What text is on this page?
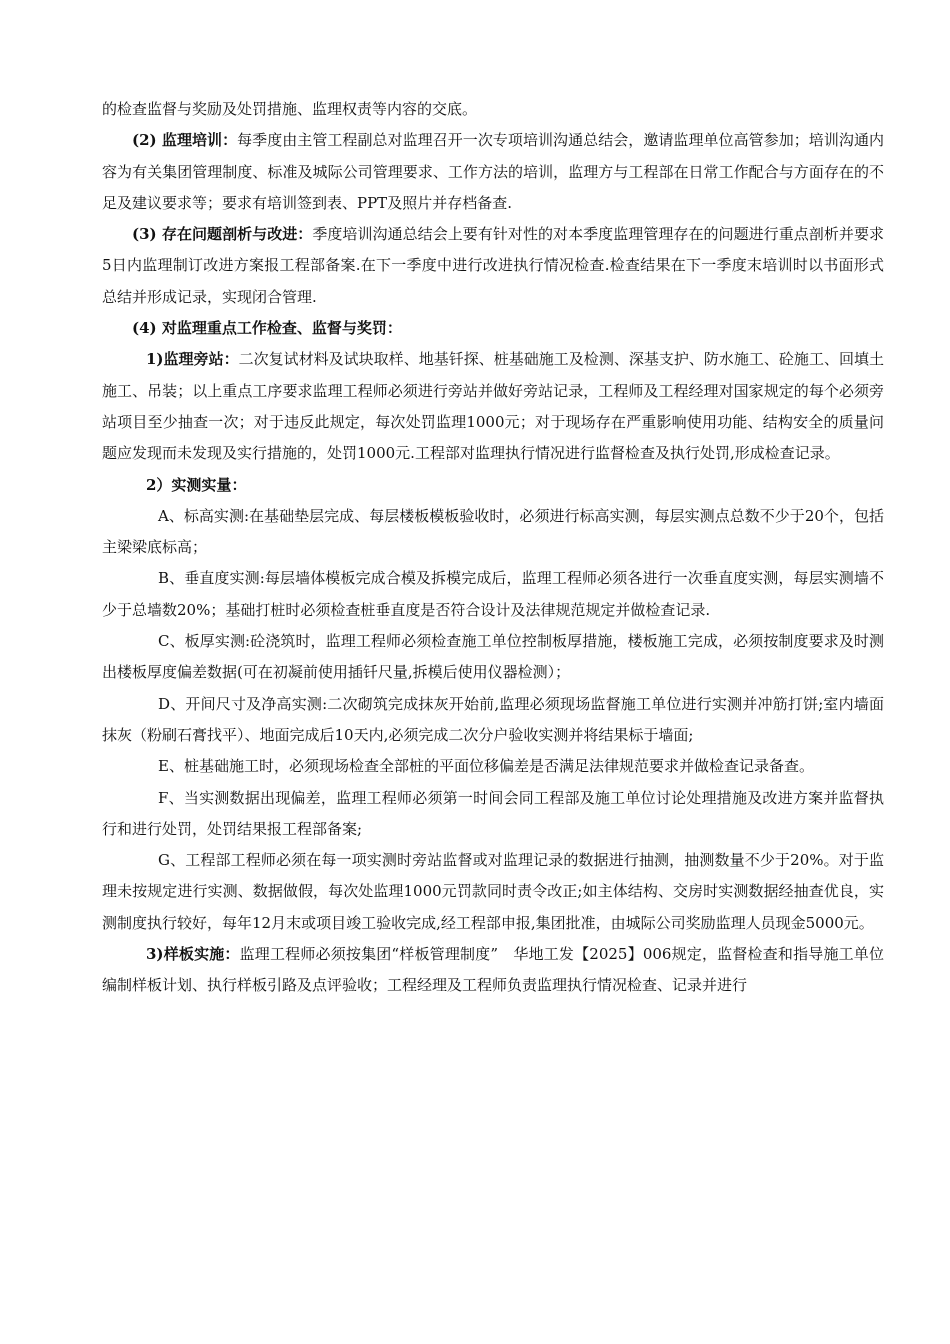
的检查监督与奖励及处罚措施、监理权责等内容的交底。

(2) 监理培训：每季度由主管工程副总对监理召开一次专项培训沟通总结会，邀请监理单位高管参加；培训沟通内容为有关集团管理制度、标准及城际公司管理要求、工作方法的培训，监理方与工程部在日常工作配合与方面存在的不足及建议要求等；要求有培训签到表、PPT及照片并存档备查.

(3) 存在问题剖析与改进：季度培训沟通总结会上要有针对性的对本季度监理管理存在的问题进行重点剖析并要求5日内监理制订改进方案报工程部备案.在下一季度中进行改进执行情况检查.检查结果在下一季度末培训时以书面形式总结并形成记录，实现闭合管理.

(4) 对监理重点工作检查、监督与奖罚：

1)监理旁站：二次复试材料及试块取样、地基钎探、桩基础施工及检测、深基支护、防水施工、砼施工、回填土施工、吊装；以上重点工序要求监理工程师必须进行旁站并做好旁站记录，工程师及工程经理对国家规定的每个必须旁站项目至少抽查一次；对于违反此规定，每次处罚监理1000元；对于现场存在严重影响使用功能、结构安全的质量问题应发现而未发现及实行措施的，处罚1000元.工程部对监理执行情况进行监督检查及执行处罚,形成检查记录。

2）实测实量：

A、标高实测:在基础垫层完成、每层楼板模板验收时，必须进行标高实测，每层实测点总数不少于20个，包括主梁梁底标高；

B、垂直度实测:每层墙体模板完成合模及拆模完成后，监理工程师必须各进行一次垂直度实测，每层实测墙不少于总墙数20%；基础打桩时必须检查桩垂直度是否符合设计及法律规范规定并做检查记录.

C、板厚实测:砼浇筑时，监理工程师必须检查施工单位控制板厚措施，楼板施工完成，必须按制度要求及时测出楼板厚度偏差数据(可在初凝前使用插钎尺量,拆模后使用仪器检测）；

D、开间尺寸及净高实测:二次砌筑完成抹灰开始前,监理必须现场监督施工单位进行实测并冲筋打饼;室内墙面抹灰（粉刷石膏找平）、地面完成后10天内,必须完成二次分户验收实测并将结果标于墙面;

E、桩基础施工时，必须现场检查全部桩的平面位移偏差是否满足法律规范要求并做检查记录备查。

F、当实测数据出现偏差，监理工程师必须第一时间会同工程部及施工单位讨论处理措施及改进方案并监督执行和进行处罚，处罚结果报工程部备案;

G、工程部工程师必须在每一项实测时旁站监督或对监理记录的数据进行抽测，抽测数量不少于20%。对于监理未按规定进行实测、数据做假，每次处监理1000元罚款同时责令改正;如主体结构、交房时实测数据经抽查优良，实测制度执行较好，每年12月末或项目竣工验收完成,经工程部申报,集团批准，由城际公司奖励监理人员现金5000元。

3)样板实施：监理工程师必须按集团“样板管理制度”　华地工发【2025】006规定，监督检查和指导施工单位编制样板计划、执行样板引路及点评验收；工程经理及工程师负责监理执行情况检查、记录并进行
